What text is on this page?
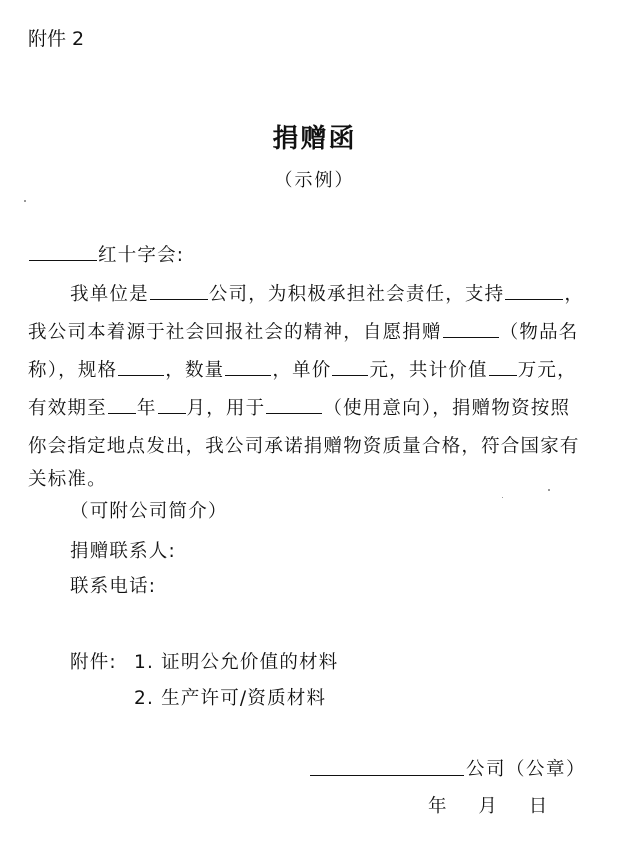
附件 2
捐赠函
（示例）
红十字会:
我单位是	公司，为积极承担社会责任，支持	，
我公司本着源于社会回报社会的精神，自愿捐赠	（物品名
称），规格	，数量	，单价 元，共计价值 万元，
有效期至 年 月，用于	（使用意向），捐赠物资按照
你会指定地点发出，我公司承诺捐赠物资质量合格，符合国家有
关标准。
（可附公司简介）
捐赠联系人:
联系电话:
附件: 1. 证明公允价值的材料
2. 生产许可/资质材料
公司（公章）
年 月 日
